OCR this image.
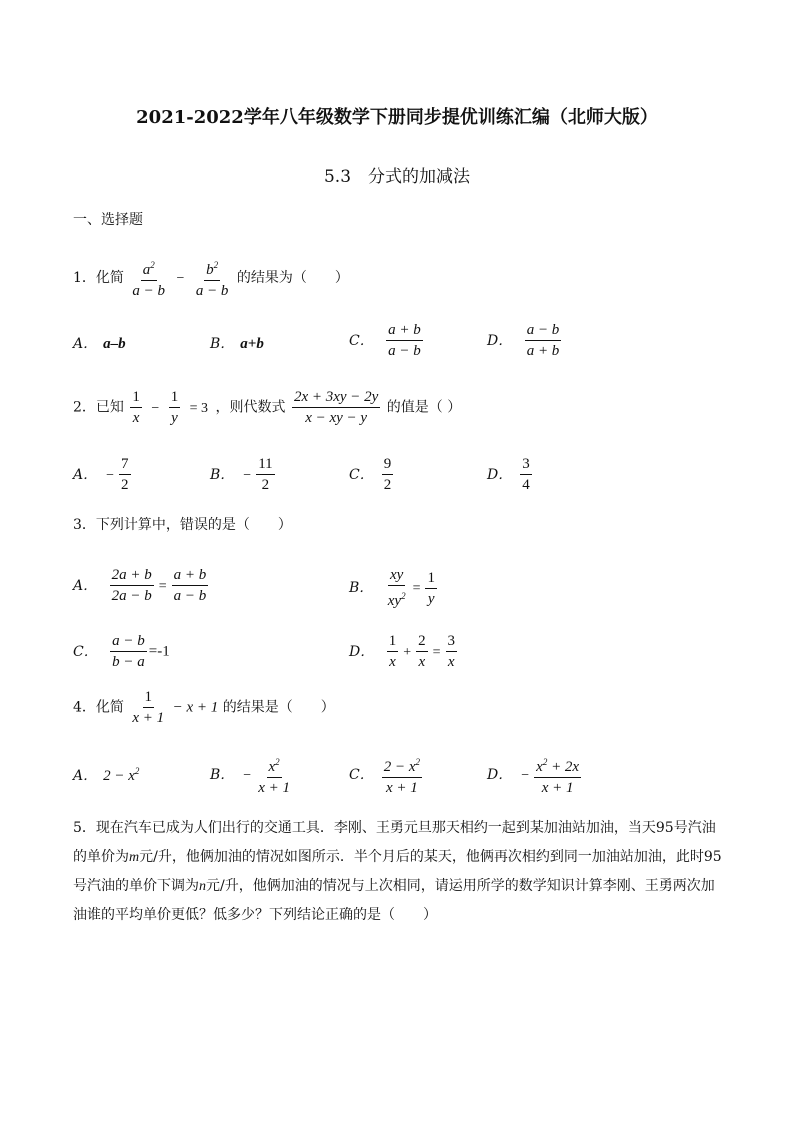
2021-2022学年八年级数学下册同步提优训练汇编（北师大版）
5.3　分式的加减法
一、选择题
1．化简 $\frac{a^2}{a - b} - \frac{b^2}{a - b}$ 的结果为（　　）
A． a–b	B． a+b	C． $\frac{a + b}{a - b}$	D． $\frac{a - b}{a + b}$
2．已知 $\frac{1}{x} - \frac{1}{y} = 3$ ，则代数式 $\frac{2x + 3xy - 2y}{x - xy - y}$ 的值是（ ）
A． − $\frac{7}{2}$	B． − $\frac{11}{2}$	C． $\frac{9}{2}$	D． $\frac{3}{4}$
3．下列计算中，错误的是（　　）
A． $\frac{2a + b}{2a - b} = \frac{a + b}{a - b}$	B． $\frac{xy}{xy^2} = \frac{1}{y}$
C． $\frac{a - b}{b - a} =-1$	D． $\frac{1}{x} + \frac{2}{x} = \frac{3}{x}$
4．化简 $\frac{1}{x + 1} - x + 1$ 的结果是（　　）
A． $2 - x^2$	B． − $\frac{x^2}{x + 1}$	C． $\frac{2 - x^2}{x + 1}$	D． − $\frac{x^2 + 2x}{x + 1}$
5．现在汽车已成为人们出行的交通工具．李刚、王勇元旦那天相约一起到某加油站加油，当天95号汽油的单价为m元/升，他俩加油的情况如图所示．半个月后的某天，他俩再次相约到同一加油站加油，此时95号汽油的单价下调为n元/升，他俩加油的情况与上次相同，请运用所学的数学知识计算李刚、王勇两次加油谁的平均单价更低？低多少？下列结论正确的是（　　）
